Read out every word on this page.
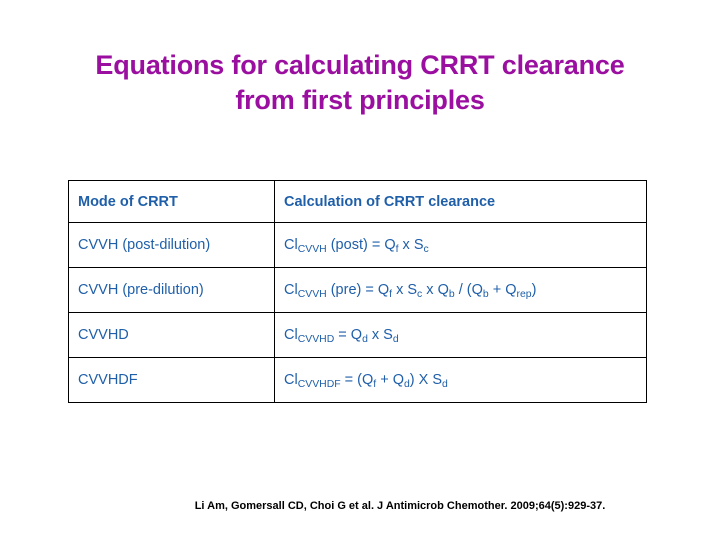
Equations for calculating CRRT clearance
from first principles
Mode of CRRT	Calculation of CRRT clearance
CVVH (post-dilution)	$Cl_{CVVH}$ (post) = $Q_f$ x $S_c$
CVVH (pre-dilution)	$Cl_{CVVH}$ $(pre) = Q_f$ x $S_c$ x $Q_b / (Q_b + Q_{rep})$
CVVHD	$Cl_{CVVHD} = Q_d$ x $S_d$
CVVHDF	$Cl_{CVVHDF} = (Q_f + Q_d)$ X $S_d$
Li Am, Gomersall CD, Choi G et al. J Antimicrob Chemother. 2009;64(5):929-37.
